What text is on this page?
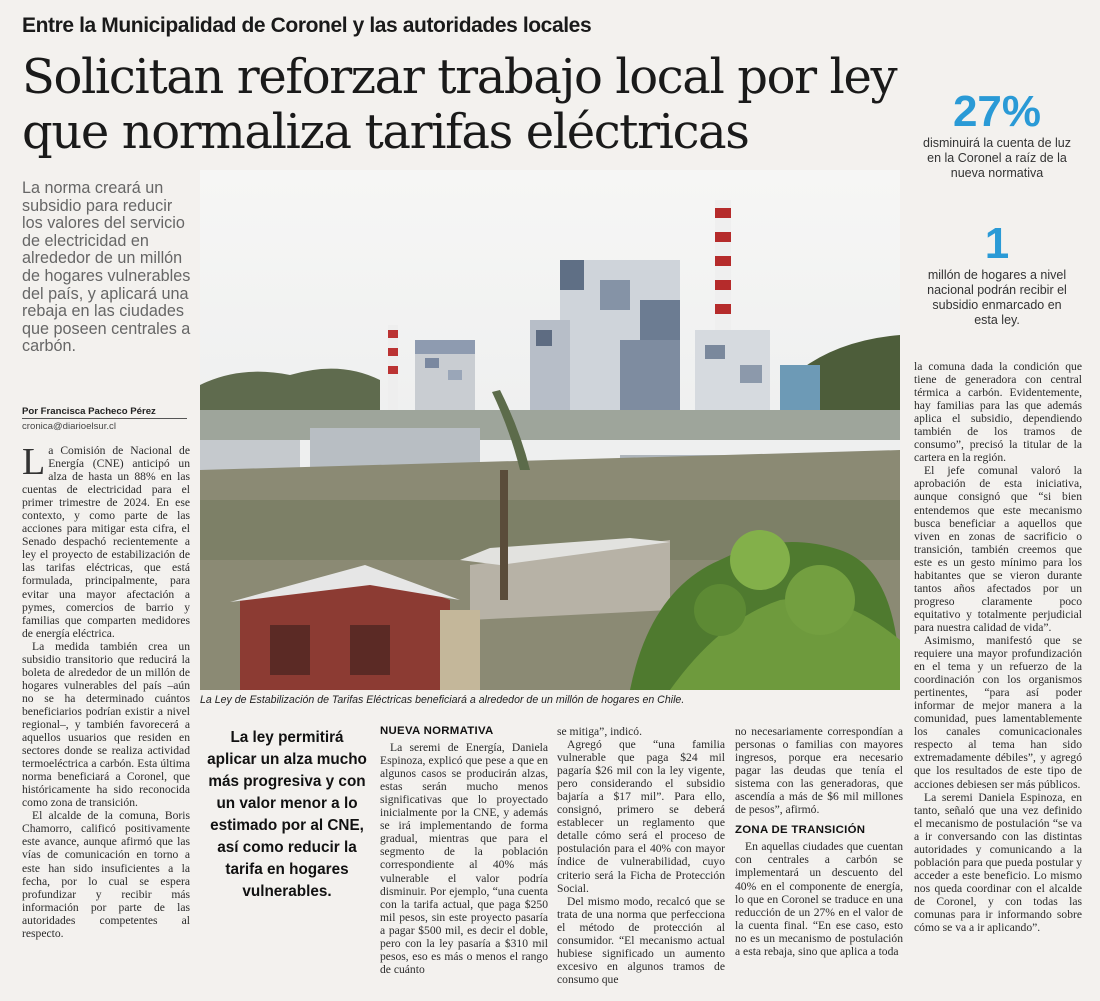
Entre la Municipalidad de Coronel y las autoridades locales
Solicitan reforzar trabajo local por ley
que normaliza tarifas eléctricas	27%
disminuirá la cuenta de luz en la Coronel a raíz de la nueva normativa
1
millón de hogares a nivel nacional podrán recibir el subsidio enmarcado en esta ley.
La norma creará un subsidio para reducir los valores del servicio de electricidad en alrededor de un millón de hogares vulnerables del país, y aplicará una rebaja en las ciudades que poseen centrales a carbón.
Por Francisca Pacheco Pérez
cronica@diarioelsur.cl

La Comisión de Nacional de Energía (CNE) anticipó un alza de hasta un 88% en las cuentas de electricidad para el primer trimestre de 2024. En ese contexto, y como parte de las acciones para mitigar esta cifra, el Senado despachó recientemente a ley el proyecto de estabilización de las tarifas eléctricas, que está formulada, principalmente, para evitar una mayor afectación a pymes, comercios de barrio y familias que comparten medidores de energía eléctrica.

La medida también crea un subsidio transitorio que reducirá la boleta de alrededor de un millón de hogares vulnerables del país –aún no se ha determinado cuántos beneficiarios podrían existir a nivel regional–, y también favorecerá a aquellos usuarios que residen en sectores donde se realiza actividad termoeléctrica a carbón. Esta última norma beneficiará a Coronel, que históricamente ha sido reconocida como zona de transición.

El alcalde de la comuna, Boris Chamorro, calificó positivamente este avance, aunque afirmó que las vías de comunicación en torno a este han sido insuficientes a la fecha, por lo cual se espera profundizar y recibir más información por parte de las autoridades competentes al respecto.

La Ley de Estabilización de Tarifas Eléctricas beneficiará a alrededor de un millón de hogares en Chile.
La ley permitirá aplicar un alza mucho más progresiva y con un valor menor a lo estimado por al CNE, así como reducir la tarifa en hogares vulnerables.
NUEVA NORMATIVA

La seremi de Energía, Daniela Espinoza, explicó que pese a que en algunos casos se producirán alzas, estas serán mucho menos significativas que lo proyectado inicialmente por la CNE, y además se irá implementando de forma gradual, mientras que para el segmento de la población correspondiente al 40% más vulnerable el valor podría disminuir. Por ejemplo, “una cuenta con la tarifa actual, que paga $250 mil pesos, sin este proyecto pasaría a pagar $500 mil, es decir el doble, pero con la ley pasaría a $310 mil pesos, eso es más o menos el rango de cuánto

se mitiga”, indicó.

Agregó que “una familia vulnerable que paga $24 mil pagaría $26 mil con la ley vigente, pero considerando el subsidio bajaría a $17 mil”. Para ello, consignó, primero se deberá establecer un reglamento que detalle cómo será el proceso de postulación para el 40% con mayor índice de vulnerabilidad, cuyo criterio será la Ficha de Protección Social.

Del mismo modo, recalcó que se trata de una norma que perfecciona el método de protección al consumidor. “El mecanismo actual hubiese significado un aumento excesivo en algunos tramos de consumo que

no necesariamente correspondían a personas o familias con mayores ingresos, porque era necesario pagar las deudas que tenía el sistema con las generadoras, que ascendía a más de $6 mil millones de pesos”, afirmó.

ZONA DE TRANSICIÓN

En aquellas ciudades que cuentan con centrales a carbón se implementará un descuento del 40% en el componente de energía, lo que en Coronel se traduce en una reducción de un 27% en el valor de la cuenta final. “En ese caso, esto no es un mecanismo de postulación a esta rebaja, sino que aplica a toda

la comuna dada la condición que tiene de generadora con central térmica a carbón. Evidentemente, hay familias para las que además aplica el subsidio, dependiendo también de los tramos de consumo”, precisó la titular de la cartera en la región.

El jefe comunal valoró la aprobación de esta iniciativa, aunque consignó que “si bien entendemos que este mecanismo busca beneficiar a aquellos que viven en zonas de sacrificio o transición, también creemos que este es un gesto mínimo para los habitantes que se vieron durante tantos años afectados por un progreso claramente poco equitativo y totalmente perjudicial para nuestra calidad de vida”.

Asimismo, manifestó que se requiere una mayor profundización en el tema y un refuerzo de la coordinación con los organismos pertinentes, “para así poder informar de mejor manera a la comunidad, pues lamentablemente los canales comunicacionales respecto al tema han sido extremadamente débiles”, y agregó que los resultados de este tipo de acciones debiesen ser más públicos.

La seremi Daniela Espinoza, en tanto, señaló que una vez definido el mecanismo de postulación “se va a ir conversando con las distintas autoridades y comunicando a la población para que pueda postular y acceder a este beneficio. Lo mismo nos queda coordinar con el alcalde de Coronel, y con todas las comunas para ir informando sobre cómo se va a ir aplicando”.
